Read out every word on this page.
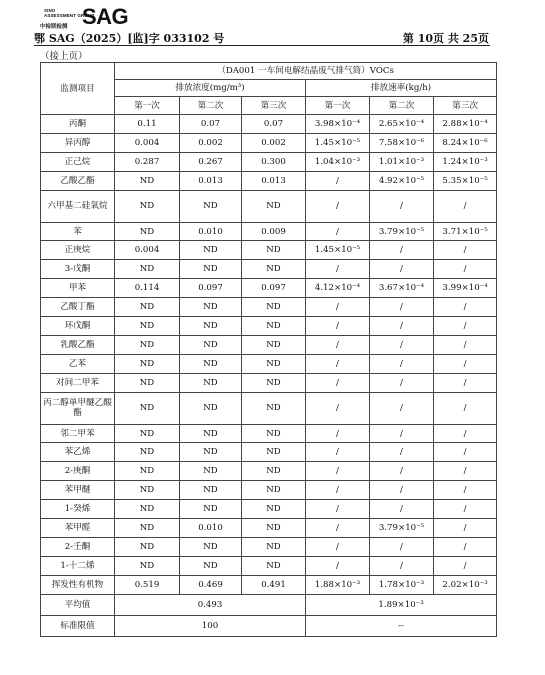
SINO
ASSESSMENT GROUP
中检联检测 SAG
鄂 SAG（2025）[监]字 033102 号	第 10页 共 25页
（接上页）
监测项目	（DA001 一车间电解结晶废气排气筒）VOCs					
	排放浓度(mg/m³)			排放速率(kg/h)		
	第一次	第二次	第三次	第一次	第二次	第三次
丙酮	0.11	0.07	0.07	3.98×10⁻⁴	2.65×10⁻⁴	2.88×10⁻⁴
异丙醇	0.004	0.002	0.002	1.45×10⁻⁵	7.58×10⁻⁶	8.24×10⁻⁶
正己烷	0.287	0.267	0.300	1.04×10⁻³	1.01×10⁻³	1.24×10⁻³
乙酸乙酯	ND	0.013	0.013	/	4.92×10⁻⁵	5.35×10⁻⁵
六甲基二硅氧烷	ND	ND	ND	/	/	/
苯	ND	0.010	0.009	/	3.79×10⁻⁵	3.71×10⁻⁵
正庚烷	0.004	ND	ND	1.45×10⁻⁵	/	/
3-戊酮	ND	ND	ND	/	/	/
甲苯	0.114	0.097	0.097	4.12×10⁻⁴	3.67×10⁻⁴	3.99×10⁻⁴
乙酸丁酯	ND	ND	ND	/	/	/
环戊酮	ND	ND	ND	/	/	/
乳酸乙酯	ND	ND	ND	/	/	/
乙苯	ND	ND	ND	/	/	/
对间二甲苯	ND	ND	ND	/	/	/
丙二醇单甲醚乙酸酯	ND	ND	ND	/	/	/
邻二甲苯	ND	ND	ND	/	/	/
苯乙烯	ND	ND	ND	/	/	/
2-庚酮	ND	ND	ND	/	/	/
苯甲醚	ND	ND	ND	/	/	/
1-癸烯	ND	ND	ND	/	/	/
苯甲醛	ND	0.010	ND	/	3.79×10⁻⁵	/
2-壬酮	ND	ND	ND	/	/	/
1-十二烯	ND	ND	ND	/	/	/
挥发性有机物	0.519	0.469	0.491	1.88×10⁻³	1.78×10⁻³	2.02×10⁻³
平均值	0.493			1.89×10⁻³		
标准限值	100			--		
